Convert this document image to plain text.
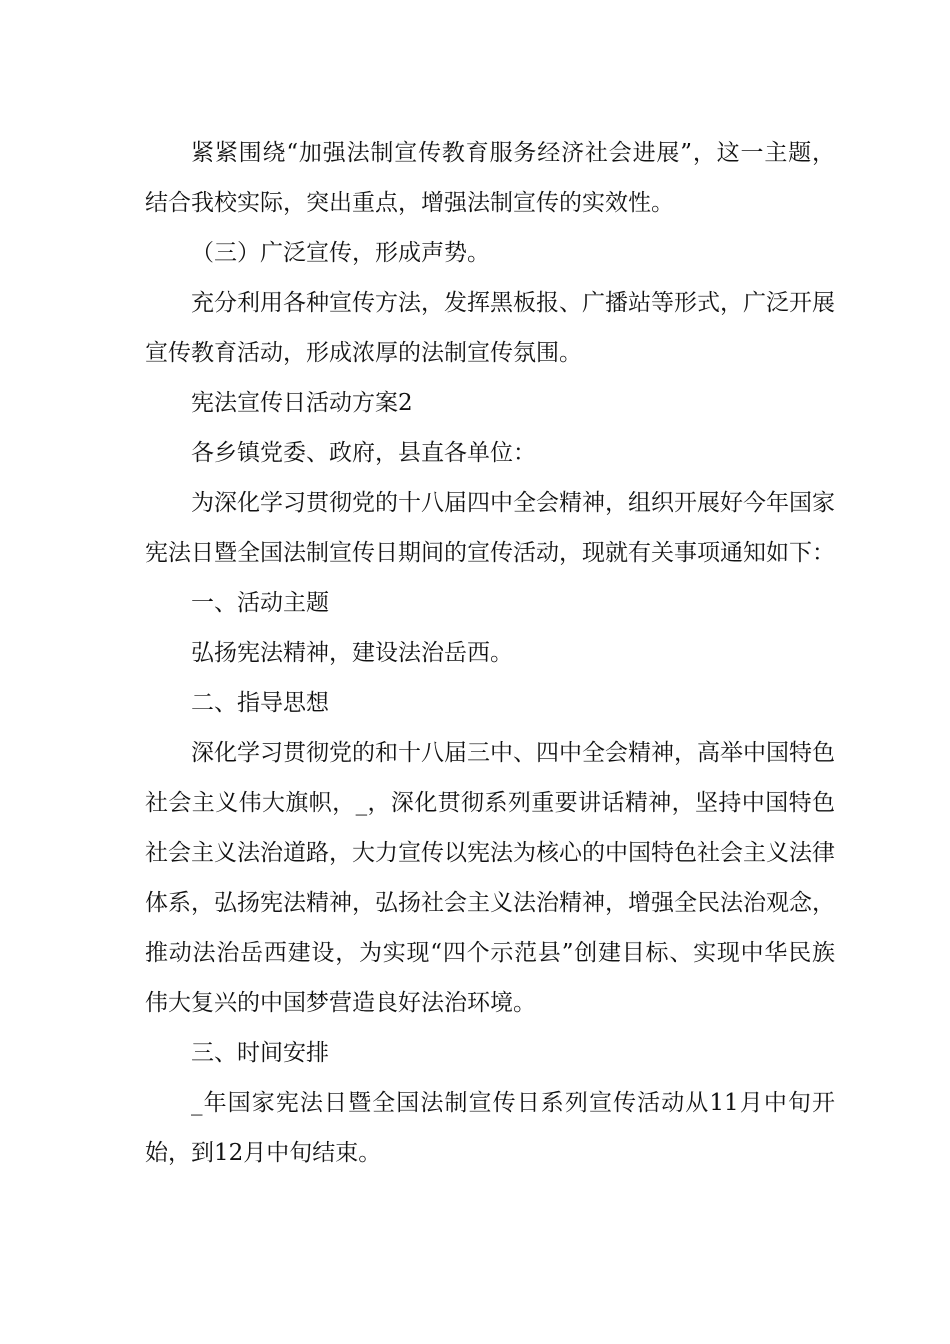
紧紧围绕“加强法制宣传教育服务经济社会进展”，这一主题，结合我校实际，突出重点，增强法制宣传的实效性。

（三）广泛宣传，形成声势。

充分利用各种宣传方法，发挥黑板报、广播站等形式，广泛开展宣传教育活动，形成浓厚的法制宣传氛围。

宪法宣传日活动方案2

各乡镇党委、政府，县直各单位：

为深化学习贯彻党的十八届四中全会精神，组织开展好今年国家宪法日暨全国法制宣传日期间的宣传活动，现就有关事项通知如下：

一、活动主题

弘扬宪法精神，建设法治岳西。

二、指导思想

深化学习贯彻党的和十八届三中、四中全会精神，高举中国特色社会主义伟大旗帜，_，深化贯彻系列重要讲话精神，坚持中国特色社会主义法治道路，大力宣传以宪法为核心的中国特色社会主义法律体系，弘扬宪法精神，弘扬社会主义法治精神，增强全民法治观念，推动法治岳西建设，为实现“四个示范县”创建目标、实现中华民族伟大复兴的中国梦营造良好法治环境。

三、时间安排

_年国家宪法日暨全国法制宣传日系列宣传活动从11月中旬开始，到12月中旬结束。
